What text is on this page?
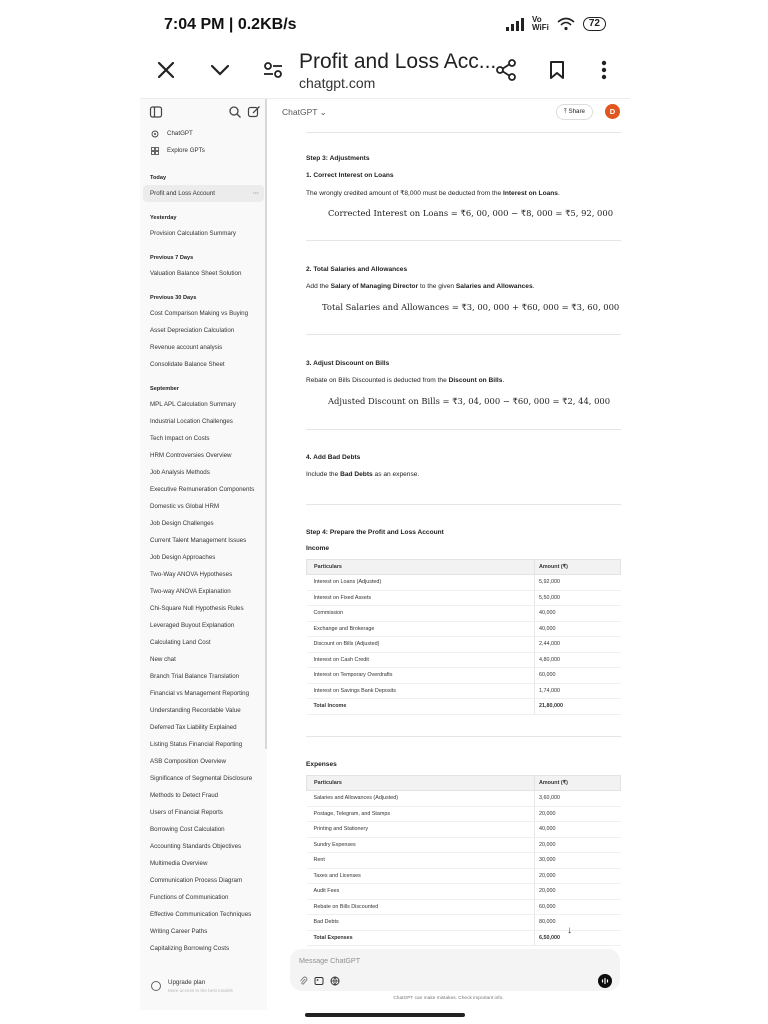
7:04 PM | 0.2KB/s	Vo
WiFi	72
Profit and Loss Acc...
chatgpt.com
ChatGPT
Explore GPTs
Today
Profit and Loss Account	⋯
Yesterday
Provision Calculation Summary
Previous 7 Days
Valuation Balance Sheet Solution
Previous 30 Days
Cost Comparison Making vs Buying
Asset Depreciation Calculation
Revenue account analysis
Consolidate Balance Sheet
September
MPL APL Calculation Summary
Industrial Location Challenges
Tech Impact on Costs
HRM Controversies Overview
Job Analysis Methods
Executive Remuneration Components
Domestic vs Global HRM
Job Design Challenges
Current Talent Management Issues
Job Design Approaches
Two-Way ANOVA Hypotheses
Two-way ANOVA Explanation
Chi-Square Null Hypothesis Rules
Leveraged Buyout Explanation
Calculating Land Cost
New chat
Branch Trial Balance Translation
Financial vs Management Reporting
Understanding Recordable Value
Deferred Tax Liability Explained
Listing Status Financial Reporting
ASB Composition Overview
Significance of Segmental Disclosure
Methods to Detect Fraud
Users of Financial Reports
Borrowing Cost Calculation
Accounting Standards Objectives
Multimedia Overview
Communication Process Diagram
Functions of Communication
Effective Communication Techniques
Writing Career Paths
Capitalizing Borrowing Costs
Upgrade plan
More access to the best models
ChatGPT ⌄	⤒ Share	D
Step 3: Adjustments
1. Correct Interest on Loans
The wrongly credited amount of ₹8,000 must be deducted from the Interest on Loans.
Corrected Interest on Loans = ₹6, 00, 000 − ₹8, 000 = ₹5, 92, 000
2. Total Salaries and Allowances
Add the Salary of Managing Director to the given Salaries and Allowances.
Total Salaries and Allowances = ₹3, 00, 000 + ₹60, 000 = ₹3, 60, 000
3. Adjust Discount on Bills
Rebate on Bills Discounted is deducted from the Discount on Bills.
Adjusted Discount on Bills = ₹3, 04, 000 − ₹60, 000 = ₹2, 44, 000
4. Add Bad Debts
Include the Bad Debts as an expense.
Step 4: Prepare the Profit and Loss Account
Income
Particulars	Amount (₹)
Interest on Loans (Adjusted)	5,92,000
Interest on Fixed Assets	5,50,000
Commission	40,000
Exchange and Brokerage	40,000
Discount on Bills (Adjusted)	2,44,000
Interest on Cash Credit	4,80,000
Interest on Temporary Overdrafts	60,000
Interest on Savings Bank Deposits	1,74,000
Total Income	21,80,000
Expenses
Particulars	Amount (₹)
Salaries and Allowances (Adjusted)	3,60,000
Postage, Telegram, and Stamps	20,000
Printing and Stationery	40,000
Sundry Expenses	20,000
Rent	30,000
Taxes and Licenses	20,000
Audit Fees	20,000
Rebate on Bills Discounted	60,000
Bad Debts	80,000
Total Expenses	6,50,000
↓
Message ChatGPT
ChatGPT can make mistakes. Check important info.
